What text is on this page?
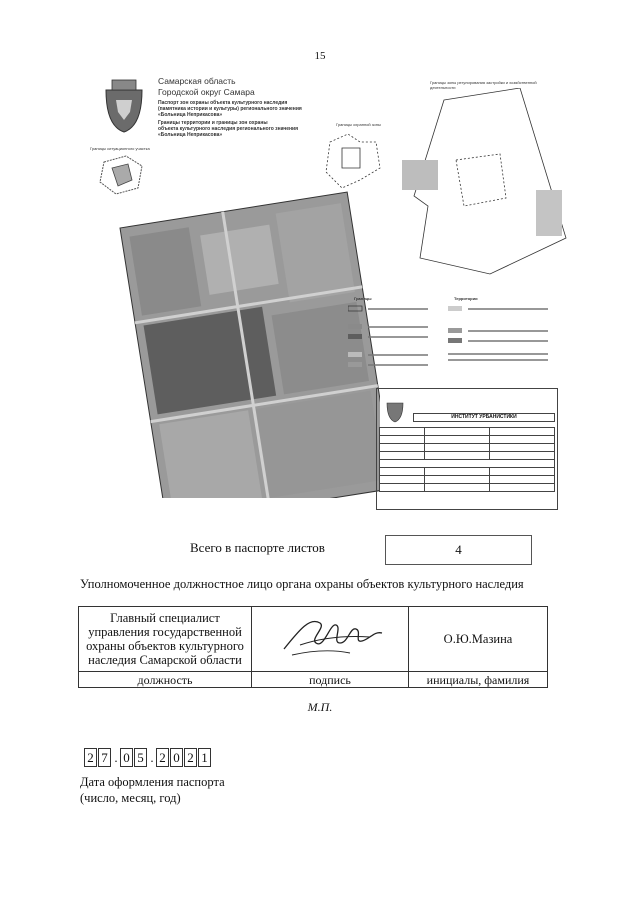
15
Самарская область
Городской округ Самара
Паспорт зон охраны объекта культурного наследия
(памятника истории и культуры) регионального значения
«Больница Неприкасова»
Границы территории и границы зон охраны
объекта культурного наследия регионального значения
«Больница Неприкасова»
Границы ситуационного участка
Границы охранной зоны
Границы зоны регулирования застройки и хозяйственной деятельности
Границы	Территории
ИНСТИТУТ УРБАНИСТИКИ

Всего в паспорте листов	4
Уполномоченное должностное лицо органа охраны объектов культурного наследия
Главный специалист
управления государственной
охраны объектов культурного
наследия Самарской области		О.Ю.Мазина
должность	подпись	инициалы, фамилия
М.П.
2 7 . 0 5 . 2 0 2 1
Дата оформления паспорта
(число, месяц, год)
